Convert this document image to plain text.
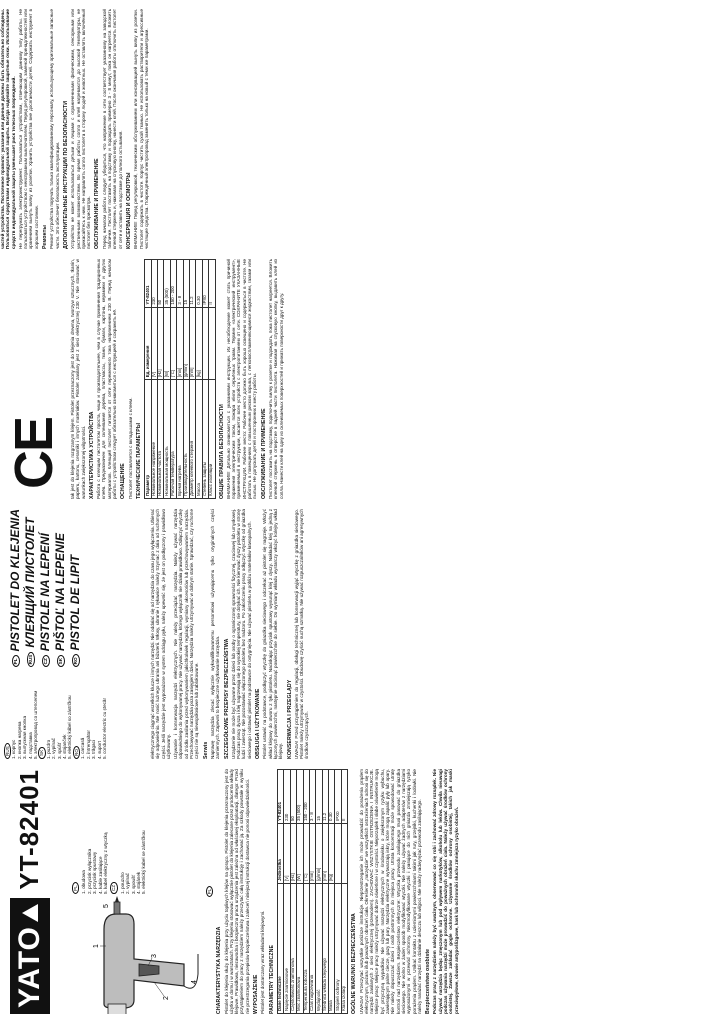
YATO
YT-82401
2
3
4
1
5
PL 1. obudowa 2. przycisk wyłącznika 3. przycisk spustowy 4. kable zasilające 5. kabel elektryczny z wtyczką CZ 1. pouzdro 2. vypínač 3. spoušť 4. stojánek 5. elektrický kabel se zástrčkou	PL
CHARAKTERYSTYKA NARZĘDZIA Pistolet do klejenia służy do klejenia przy użyciu topliwych klejów na gorąco. Pistolet do klejenia przeznaczony jest do użytku w domu i w warsztatach. Przy klejeniu stosować wyłącznie pistolet do klejenia zalecane przez producenta wkłady klejowe. Prawidłowa, niezawodna i bezpieczna praca urządzenia jest zależna od właściwej eksploatacji, dlatego: Przed przystąpieniem do pracy z narzędziem należy przeczytać całą instrukcję i zachować ją. Za szkody powstałe w wyniku nie przestrzegania przepisów bezpieczeństwa i zaleceń niniejszej instrukcji dostawca nie ponosi odpowiedzialności. WYPOSAŻENIE Pistolet jest dostarczany wraz wkładami klejowymi. PARAMETRY TECHNICZNE Dane techniczne	Jednostka	YT-82401
Napięcie znamionowe	[V]	230
Częstotliwość znamionowa	[Hz]	50
Moc znamionowa	[W]	35 (500)
Temperatura robocza	[°C]	150 - 200
Czas nagrzewania	[min]	3 - 8
Wydajność	[g/min]	15
Średnica wkładu klejowego	[mm]	11.2
Masa	[kg]	0.30
Stopień ochrony		IPX0
Klasa izolacji		II
OGÓLNE WARUNKI BEZPIECZEŃSTWA UWAGA! Przeczytać wszystkie poniższe instrukcje. Nieprzestrzeganie ich może prowadzić do porażenia prądem elektrycznym, pożaru i/lub poważnych obrażeń ciała. Określenie „narzędzie” we wszystkich ostrzeżeniach odnosi się do narzędzi zasilanych z sieci elektrycznej (przewodem). ZACHOWAĆ WSZYSTKIE OSTRZEŻENIA I INSTRUKCJE. Miejsce pracy: Miejsce pracy należy utrzymywać dobrze oświetlone i w czystości. Nieporządek i słabe oświetlenie mogą być przyczyną wypadków. Nie używać narzędzi elektrycznych w środowisku o zwiększonym ryzyku wybuchu, zawierającym palne ciecze, gazy lub pary. Narzędzia elektryczne wytwarzają iskry, które mogą zapalić pyły lub opary. Nie należy dopuszczać dzieci i osób postronnych do miejsca pracy. Utrata koncentracji może spowodować utratę kontroli nad narzędziem. Bezpieczeństwo elektryczne: Wtyczka przewodu zasilającego musi pasować do gniazdka sieciowego. Nie wolno w żaden sposób modyfikować wtyczki. Nie należy używać żadnych adapterów z narzędziami wyposażonymi w przewód ochronny. Niezmodyfikowane wtyczki i pasujące do nich gniazda zmniejszają ryzyko porażenia prądem. Unikać kontaktu z uziemionymi powierzchniami takimi jak rury, grzejniki, kuchenki i lodówki. Nie należy narażać narzędzi na działanie deszczu lub wilgoci. Nie należy nadwyrężać przewodu zasilającego. Bezpieczeństwo osobiste Podczas pracy z narzędziem należy być uważnym, obserwować co się robi i zachować zdrowy rozsądek. Nie używać narzędzia będąc zmęczonym lub pod wpływem narkotyków, alkoholu lub leków. Chwila nieuwagi podczas używania narzędzi może prowadzić do poważnych obrażeń ciała. Należy używać środków ochrony osobistej. Zawsze zakładać gogle ochronne. Używanie środków ochrony osobistej, takich jak maski przeciwpyłowe, obuwie antypoślizgowe, kask lub ochronniki słuchu zmniejsza ryzyko obrażeń.

RUS 1. корпус 2. кнопка нагрева 3. выпускная кнопка 4. подставка 5. электропровод со штепселем SK 1. puzdro 2. vypínač 3. spúšť 4. stojanček 5. elektrický kábel so zástrčkou RO 1. carcasă 2. întrerupător 3. trăgaci 4. suport 5. conductor electric cu ștecăr
PLPISTOLET DO KLEJENIA
RUSКЛЕЯЩИЙ ПИСТОЛЕТ
CZPISTOLE NA LEPENÍ
SKPIŠTOĽ NA LEPENIE
ROPISTOL DE LIPIT	elektrycznego ciągnąć wszelkich klucze i innych narzędzi. Nie oddalać się od narzędzia do czasu jego wyłączenia. Ubierać się odpowiednio. Nie nosić luźnego ubrania ani biżuterii. Włosy, ubranie i rękawice należy trzymać z dala od ruchomych części. Jeśli narzędzie jest wyposażone w system odciągu pyłu, należy upewnić się, że jest on podłączony i prawidłowo użytkowany. Używanie i konserwacja narzędzi elektrycznych. Nie należy przeciążać narzędzia. Należy używać narzędzia odpowiedniego do wykonywanej pracy. Nie używać narzędzia, którego wyłącznik nie działa prawidłowo. Odłączyć wtyczkę od źródła zasilania przed wykonywaniem jakichkolwiek regulacji, wymiany akcesoriów lub przechowywaniem narzędzia. Przechowywać narzędzia poza zasięgiem dzieci. Narzędzia należy utrzymywać w dobrym stanie. Sprawdzać, czy ruchome części nie są niewspółosiowe lub zablokowane. Serwis Naprawę narzędzia zlecać wyłącznie wykwalifikowanemu personelowi używającemu tylko oryginalnych części zamiennych. Zapewni to bezpieczne użytkowanie narzędzia. SZCZEGÓŁOWE PRZEPISY BEZPIECZEŃSTWA Urządzenie nie może być używane przez dzieci lub osoby o ograniczonej sprawności fizycznej, czuciowej lub umysłowej. Podczas pracy dysza i klej nagrzewają się do wysokiej temperatury, nie dotykać ich. Nie kierować dyszy pistoletu w stronę ludzi i zwierząt. Nie pozostawiać włączonego pistoletu bez nadzoru. Po zakończeniu pracy odłączyć wtyczkę od gniazdka sieciowego i odstawić pistolet na podstawce do ostygnięcia. Nie używać pistoletu w pobliżu materiałów łatwopalnych. OBSŁUGA I UŻYTKOWANIE Pistolet ustawić na podstawce, podłączyć wtyczkę do gniazdka sieciowego i odczekać aż pistolet się nagrzeje. Włożyć wkład klejowy do otworu z tyłu pistoletu. Naciskając przycisk spustowy wysunąć klej z dyszy. Nakładać klej na jedną z łączonych powierzchni, następnie docisnąć powierzchnie do siebie. Do wymiany wkładu wystarczy włożyć kolejny wkład klejowy. KONSERWACJA I PRZEGLĄDY UWAGA! Przed przystąpieniem do regulacji, obsługi technicznej lub konserwacji wyjąć wtyczkę z gniazdka sieciowego. Pistolet należy utrzymywać w czystości. Obudowę czyścić suchą szmatką. Nie używać rozpuszczalników ani agresywnych środków czyszczących.

CE	tak jest do klejenia rozgrzanym klejem. Pistolet przeznaczony jest do klejenia drewna, tworzyw sztucznych, tkanin, papieru, kartonu, ceramiki i innych materiałów. Pistolet zasilany jest z sieci elektrycznej 230 V. Nie stosować w warunkach zwiększonej wilgotności. ХАРАКТЕРИСТИКА УСТРОЙСТВА Работа с клеящим пистолетом проста, чище и производительнее, чем в случае применения традиционных клеёв. Предназначен для склеивания дерева, пластмассы, ткани, бумаги, картона, керамики и других материалов. Клеящий пистолет питается от сети переменного тока напряжением 230 В. Перед началом работы с устройством следует обязательно ознакомиться с инструкцией и сохранить её. ОСНАЩЕНИЕ Пистолет поставляется с вкладышами с клеем. ТЕХНИЧЕСКИЕ ПАРАМЕТРЫ Параметр	Ед. измерения	YT-82401
Номинальное напряжение	[V]	230
Номинальная частота	[Hz]	50
Номинальная мощность	[W]	35 (500)
Рабочая температура	[°C]	150 - 200
Время нагрева	[min]	3 - 8
Производительность	[g/min]	15
Диаметр клеевого стержня	[mm]	11.2
Масса	[kg]	0.30
Степень защиты		IPX0
Класс изоляции		II
ОБЩИЕ ПРАВИЛА БЕЗОПАСНОСТИ ВНИМАНИЕ! Детально ознакомиться с указаниями инструкции. Их несоблюдение может стать причиной поражения электрическим током, пожара и/или серьёзных травм. Термин «электрический инструмент», применяемый в инструкции, касается всех устройств с электропитанием от сети. СОХРАНИТЕ УКАЗАННЫЕ ИНСТРУКЦИИ. Рабочее место: Рабочее место должно быть хорошо освещено и содержаться в чистоте. Не работать в помещениях с повышенным риском взрыва, с легковоспламеняющимися жидкостями, газами или пылью. Не допускать детей и посторонних к месту работы. ОБСЛУЖИВАНИЕ И ПРИМЕНЕНИЕ Пистолет поставить на подставку, подключить вилку к розетке и подождать, пока пистолет нагреется. Вложить клеевой стержень в отверстие в задней части пистолета. Нажимая на спусковую кнопку, выдавить клей из сопла. Нанести клей на одну из склеиваемых поверхностей и прижать поверхности друг к другу.

частей устройства. Постоянное правило: указания или данные должны быть обязательно соблюдены. Пользоваться средствами индивидуальной защиты. Всегда надевайте защитные очки. Использование средств индивидуальной защиты уменьшает риск телесных повреждений. Не перегружать электроинструмент. Пользоваться устройством, отвечающим данному типу работы. Не пользоваться устройством с неисправным выключателем. Перед регулировкой, заменой принадлежностей или хранением вынуть вилку из розетки. Хранить устройства вне досягаемости детей. Содержать инструмент в хорошем состоянии. Ремонты Ремонт устройства поручать только квалифицированному персоналу, использующему оригинальные запасные части. Это обеспечит безопасность эксплуатации. ДОПОЛНИТЕЛЬНЫЕ ИНСТРУКЦИИ ПО БЕЗОПАСНОСТИ Устройство не может использоваться детьми и лицами с ограниченными физическими, сенсорными или умственными возможностями. Во время работы сопло и клей нагреваются до высокой температуры, не прикасайтесь к ним. Не направлять сопло пистолета в сторону людей и животных. Не оставлять включённый пистолет без присмотра. ОБСЛУЖИВАНИЕ И ПРИМЕНЕНИЕ Перед началом работы следует убедиться, что напряжение в сети соответствует указанному на заводской табличке. Пистолет поставить на подставку и подождать примерно 3 - 8 минут, пока он нагреется. Вложить клеевой стержень и, нажимая на спусковую кнопку, нанести клей. После окончания работы отключить пистолет от сети и оставить на подставке до полного остывания. КОНСЕРВАЦИЯ И ОСМОТРЫ ВНИМАНИЕ! Перед регулировкой, техническим обслуживанием или консервацией вынуть вилку из розетки. Пистолет содержать в чистоте. Корпус чистить сухой тканью. Не использовать растворители и агрессивные чистящие средства. Повреждённый электропровод заменять только на новый с теми же параметрами.
